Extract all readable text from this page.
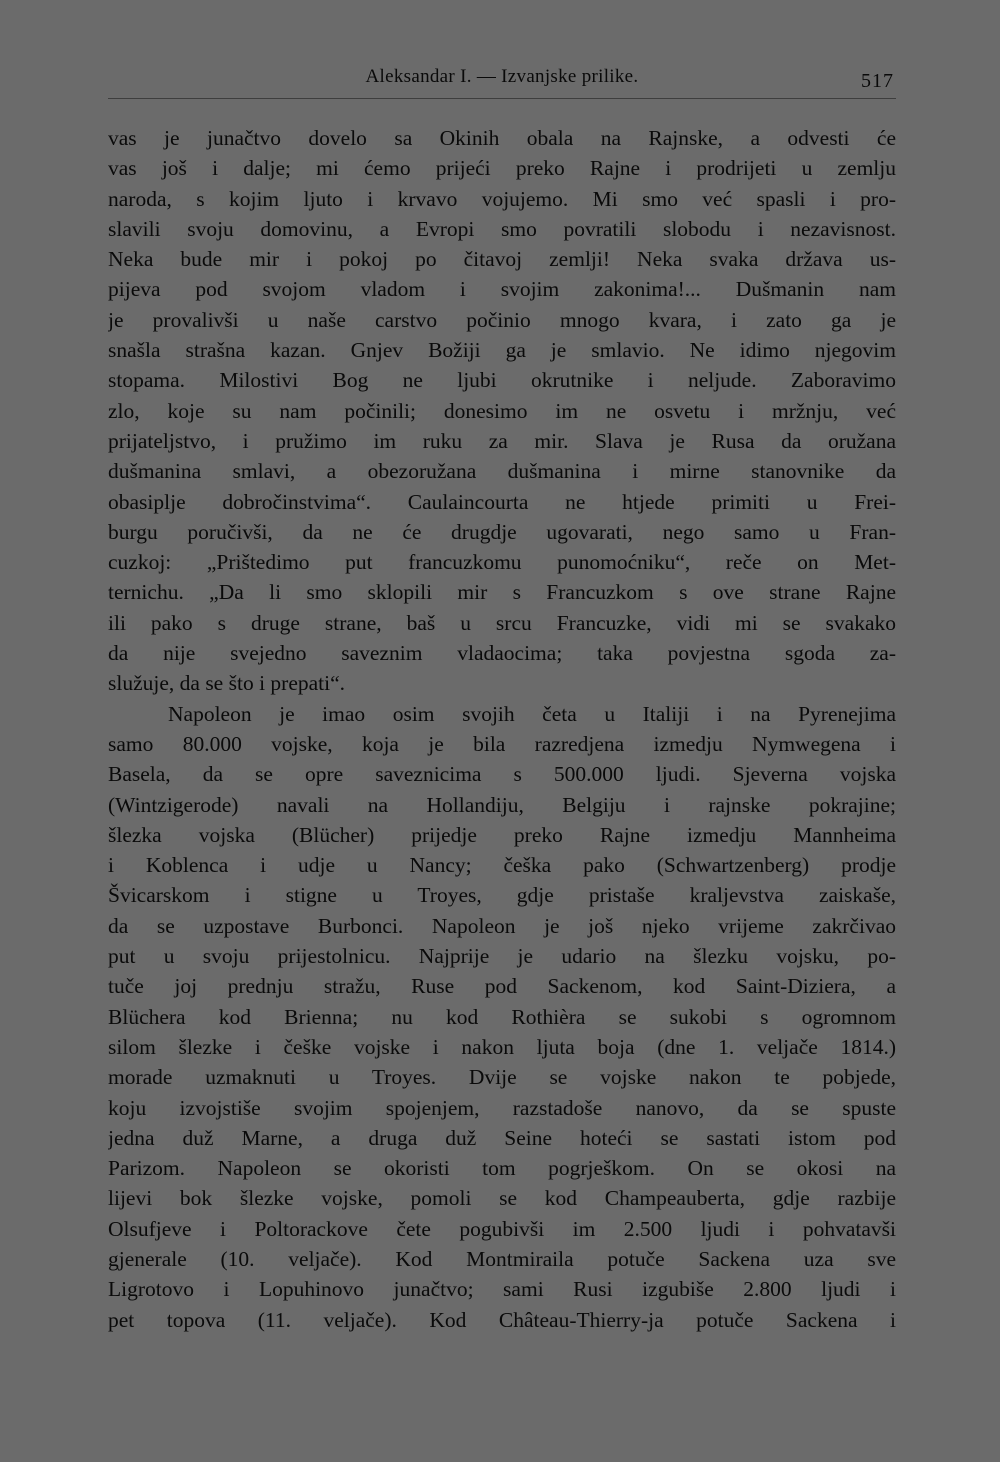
Aleksandar I. — Izvanjske prilike.	517
vas je junačtvo dovelo sa Okinih obala na Rajnske, a odvesti će
vas još i dalje; mi ćemo prijeći preko Rajne i prodrijeti u zemlju
naroda, s kojim ljuto i krvavo vojujemo. Mi smo već spasli i pro-
slavili svoju domovinu, a Evropi smo povratili slobodu i nezavisnost.
Neka bude mir i pokoj po čitavoj zemlji! Neka svaka država us-
pijeva pod svojom vladom i svojim zakonima!... Dušmanin nam
je provalivši u naše carstvo počinio mnogo kvara, i zato ga je
snašla strašna kazan. Gnjev Božiji ga je smlavio. Ne idimo njegovim
stopama. Milostivi Bog ne ljubi okrutnike i neljude. Zaboravimo
zlo, koje su nam počinili; donesimo im ne osvetu i mržnju, već
prijateljstvo, i pružimo im ruku za mir. Slava je Rusa da oružana
dušmanina smlavi, a obezoružana dušmanina i mirne stanovnike da
obasiplje dobročinstvima“. Caulaincourta ne htjede primiti u Frei-
burgu poručivši, da ne će drugdje ugovarati, nego samo u Fran-
cuzkoj: „Prištedimo put francuzkomu punomoćniku“, reče on Met-
ternichu. „Da li smo sklopili mir s Francuzkom s ove strane Rajne
ili pako s druge strane, baš u srcu Francuzke, vidi mi se svakako
da nije svejedno saveznim vladaocima; taka povjestna sgoda za-
služuje, da se što i prepati“.
Napoleon je imao osim svojih četa u Italiji i na Pyrenejima
samo 80.000 vojske, koja je bila razredjena izmedju Nymwegena i
Basela, da se opre saveznicima s 500.000 ljudi. Sjeverna vojska
(Wintzigerode) navali na Hollandiju, Belgiju i rajnske pokrajine;
šlezka vojska (Blücher) prijedje preko Rajne izmedju Mannheima
i Koblenca i udje u Nancy; češka pako (Schwartzenberg) prodje
Švicarskom i stigne u Troyes, gdje pristaše kraljevstva zaiskaše,
da se uzpostave Burbonci. Napoleon je još njeko vrijeme zakrčivao
put u svoju prijestolnicu. Najprije je udario na šlezku vojsku, po-
tuče joj prednju stražu, Ruse pod Sackenom, kod Saint-Diziera, a
Blüchera kod Brienna; nu kod Rothièra se sukobi s ogromnom
silom šlezke i češke vojske i nakon ljuta boja (dne 1. veljače 1814.)
morade uzmaknuti u Troyes. Dvije se vojske nakon te pobjede,
koju izvojstiše svojim spojenjem, razstadoše nanovo, da se spuste
jedna duž Marne, a druga duž Seine hoteći se sastati istom pod
Parizom. Napoleon se okoristi tom pogrješkom. On se okosi na
lijevi bok šlezke vojske, pomoli se kod Champeauberta, gdje razbije
Olsufjeve i Poltorackove čete pogubivši im 2.500 ljudi i pohvatavši
gjenerale (10. veljače). Kod Montmiraila potuče Sackena uza sve
Ligrotovo i Lopuhinovo junačtvo; sami Rusi izgubiše 2.800 ljudi i
pet topova (11. veljače). Kod Château-Thierry-ja potuče Sackena i
